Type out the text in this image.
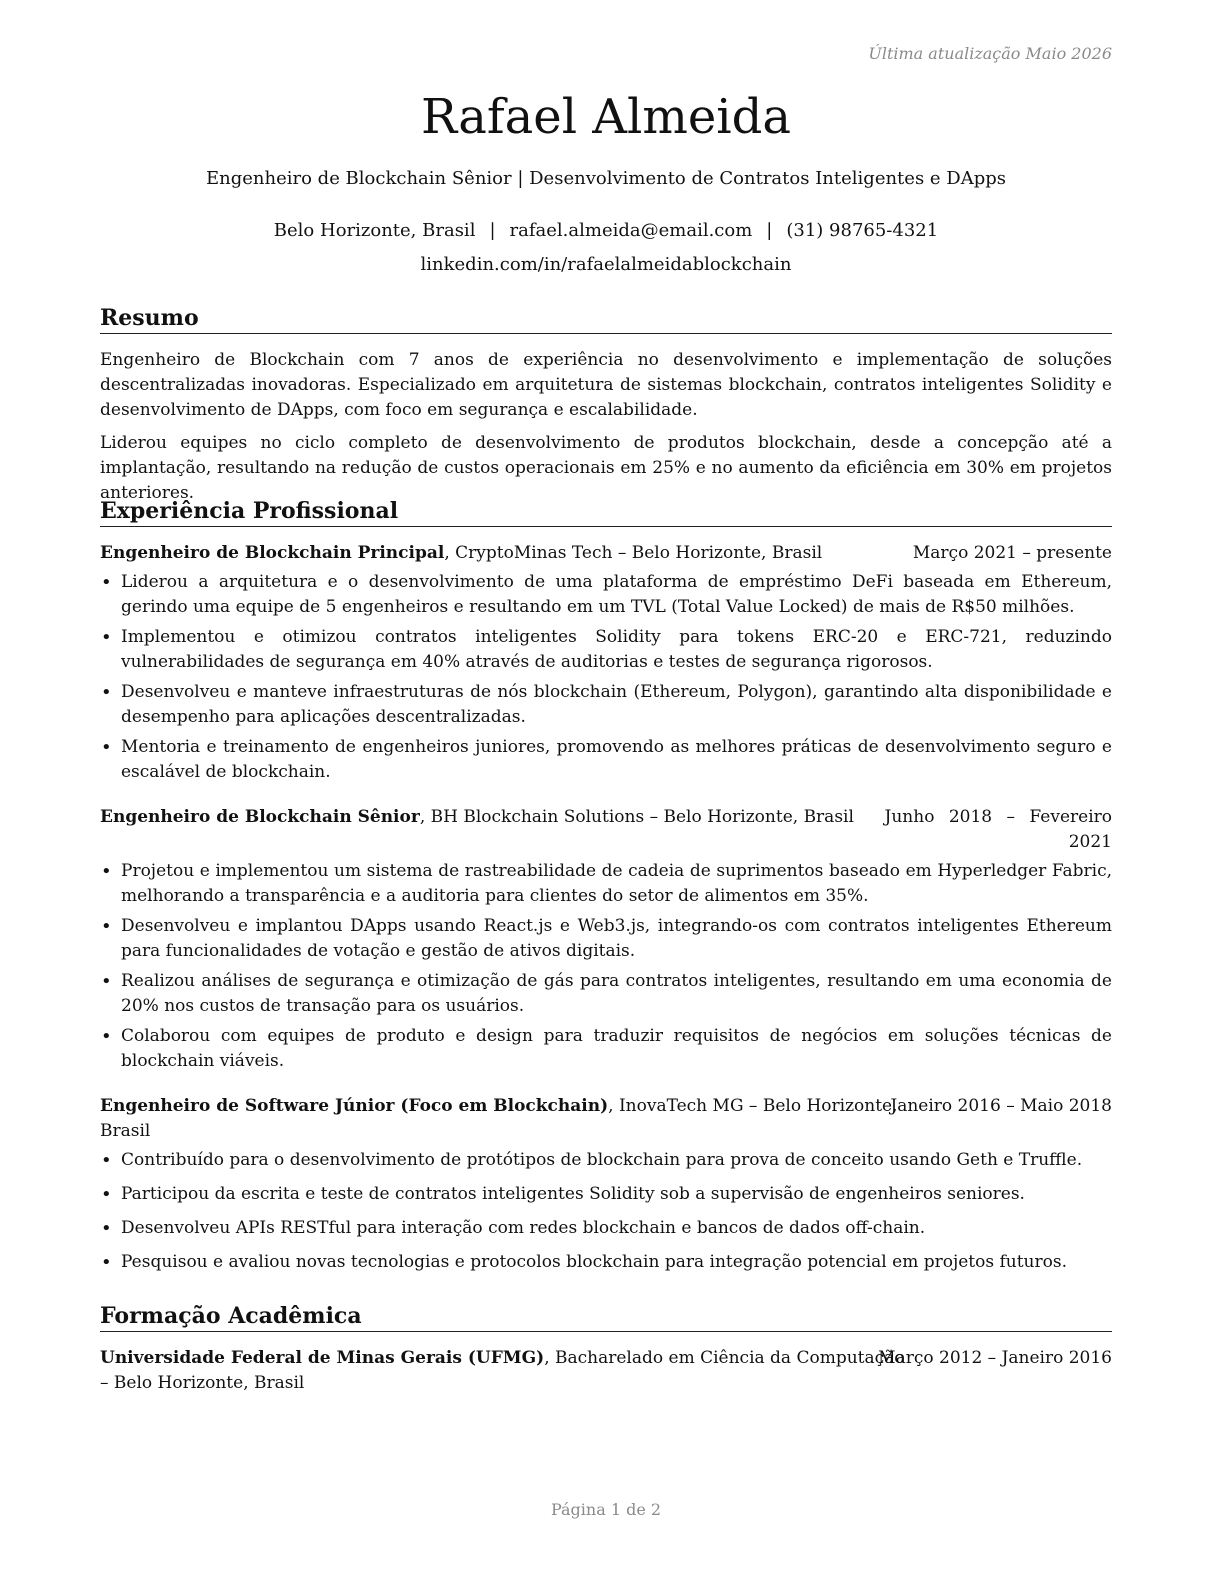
Última atualização Maio 2026
Rafael Almeida
Engenheiro de Blockchain Sênior | Desenvolvimento de Contratos Inteligentes e DApps
Belo Horizonte, Brasil | rafael.almeida@email.com | (31) 98765-4321
linkedin.com/in/rafaelalmeidablockchain
Resumo

Engenheiro de Blockchain com 7 anos de experiência no desenvolvimento e implementação de soluções descentralizadas inovadoras. Especializado em arquitetura de sistemas blockchain, contratos inteligentes Solidity e desenvolvimento de DApps, com foco em segurança e escalabilidade.

Liderou equipes no ciclo completo de desenvolvimento de produtos blockchain, desde a concepção até a implantação, resultando na redução de custos operacionais em 25% e no aumento da eficiência em 30% em projetos anteriores.

Experiência Profissional
Engenheiro de Blockchain Principal, CryptoMinas Tech – Belo Horizonte, Brasil	Março 2021 – presente
• Liderou a arquitetura e o desenvolvimento de uma plataforma de empréstimo DeFi baseada em Ethereum, gerindo uma equipe de 5 engenheiros e resultando em um TVL (Total Value Locked) de mais de R$50 milhões.
• Implementou e otimizou contratos inteligentes Solidity para tokens ERC-20 e ERC-721, reduzindo vulnerabilidades de segurança em 40% através de auditorias e testes de segurança rigorosos.
• Desenvolveu e manteve infraestruturas de nós blockchain (Ethereum, Polygon), garantindo alta disponibilidade e desempenho para aplicações descentralizadas.
• Mentoria e treinamento de engenheiros juniores, promovendo as melhores práticas de desenvolvimento seguro e escalável de blockchain.
Engenheiro de Blockchain Sênior, BH Blockchain Solutions – Belo Horizonte, Brasil Junho 2018 – Fevereiro
2021
• Projetou e implementou um sistema de rastreabilidade de cadeia de suprimentos baseado em Hyperledger Fabric, melhorando a transparência e a auditoria para clientes do setor de alimentos em 35%.
• Desenvolveu e implantou DApps usando React.js e Web3.js, integrando-os com contratos inteligentes Ethereum para funcionalidades de votação e gestão de ativos digitais.
• Realizou análises de segurança e otimização de gás para contratos inteligentes, resultando em uma economia de 20% nos custos de transação para os usuários.
• Colaborou com equipes de produto e design para traduzir requisitos de negócios em soluções técnicas de blockchain viáveis.
Engenheiro de Software Júnior (Foco em Blockchain), InovaTech MG – Belo Horizonte,
Brasil
Janeiro 2016 – Maio 2018
• Contribuído para o desenvolvimento de protótipos de blockchain para prova de conceito usando Geth e Truffle.
• Participou da escrita e teste de contratos inteligentes Solidity sob a supervisão de engenheiros seniores.
• Desenvolveu APIs RESTful para interação com redes blockchain e bancos de dados off-chain.
• Pesquisou e avaliou novas tecnologias e protocolos blockchain para integração potencial em projetos futuros.
Formação Acadêmica
Universidade Federal de Minas Gerais (UFMG), Bacharelado em Ciência da Computação
Março 2012 – Janeiro 2016

– Belo Horizonte, Brasil
Página 1 de 2
